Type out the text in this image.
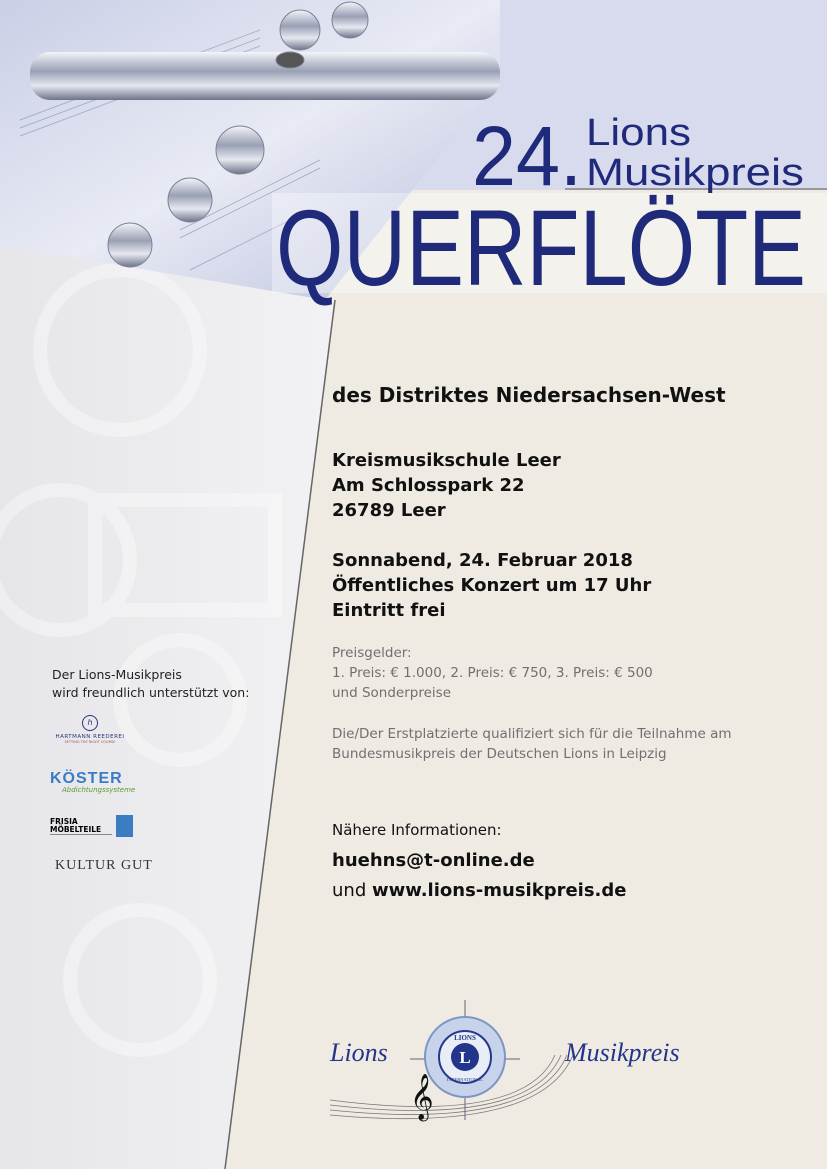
24. Lions
Musikpreis
QUERFLÖTE
des Distriktes Niedersachsen-West
Kreismusikschule Leer
Am Schlosspark 22
26789 Leer
Sonnabend, 24. Februar 2018
Öffentliches Konzert um 17 Uhr
Eintritt frei
Preisgelder:
1. Preis: € 1.000, 2. Preis: € 750, 3. Preis: € 500
und Sonderpreise
Die/Der Erstplatzierte qualifiziert sich für die Teilnahme am
Bundesmusikpreis der Deutschen Lions in Leipzig
Nähere Informationen:
huehns@t-online.de
und www.lions-musikpreis.de
Der Lions-Musikpreis
wird freundlich unterstützt von:
h
HARTMANN REEDEREI
SETTING THE RIGHT COURSE
KÖSTER
Abdichtungssysteme
FRISIA MÖBELTEILE
KULTUR GUT
L
LIONS
INTERNATIONAL
𝄞
Lions	Musikpreis
